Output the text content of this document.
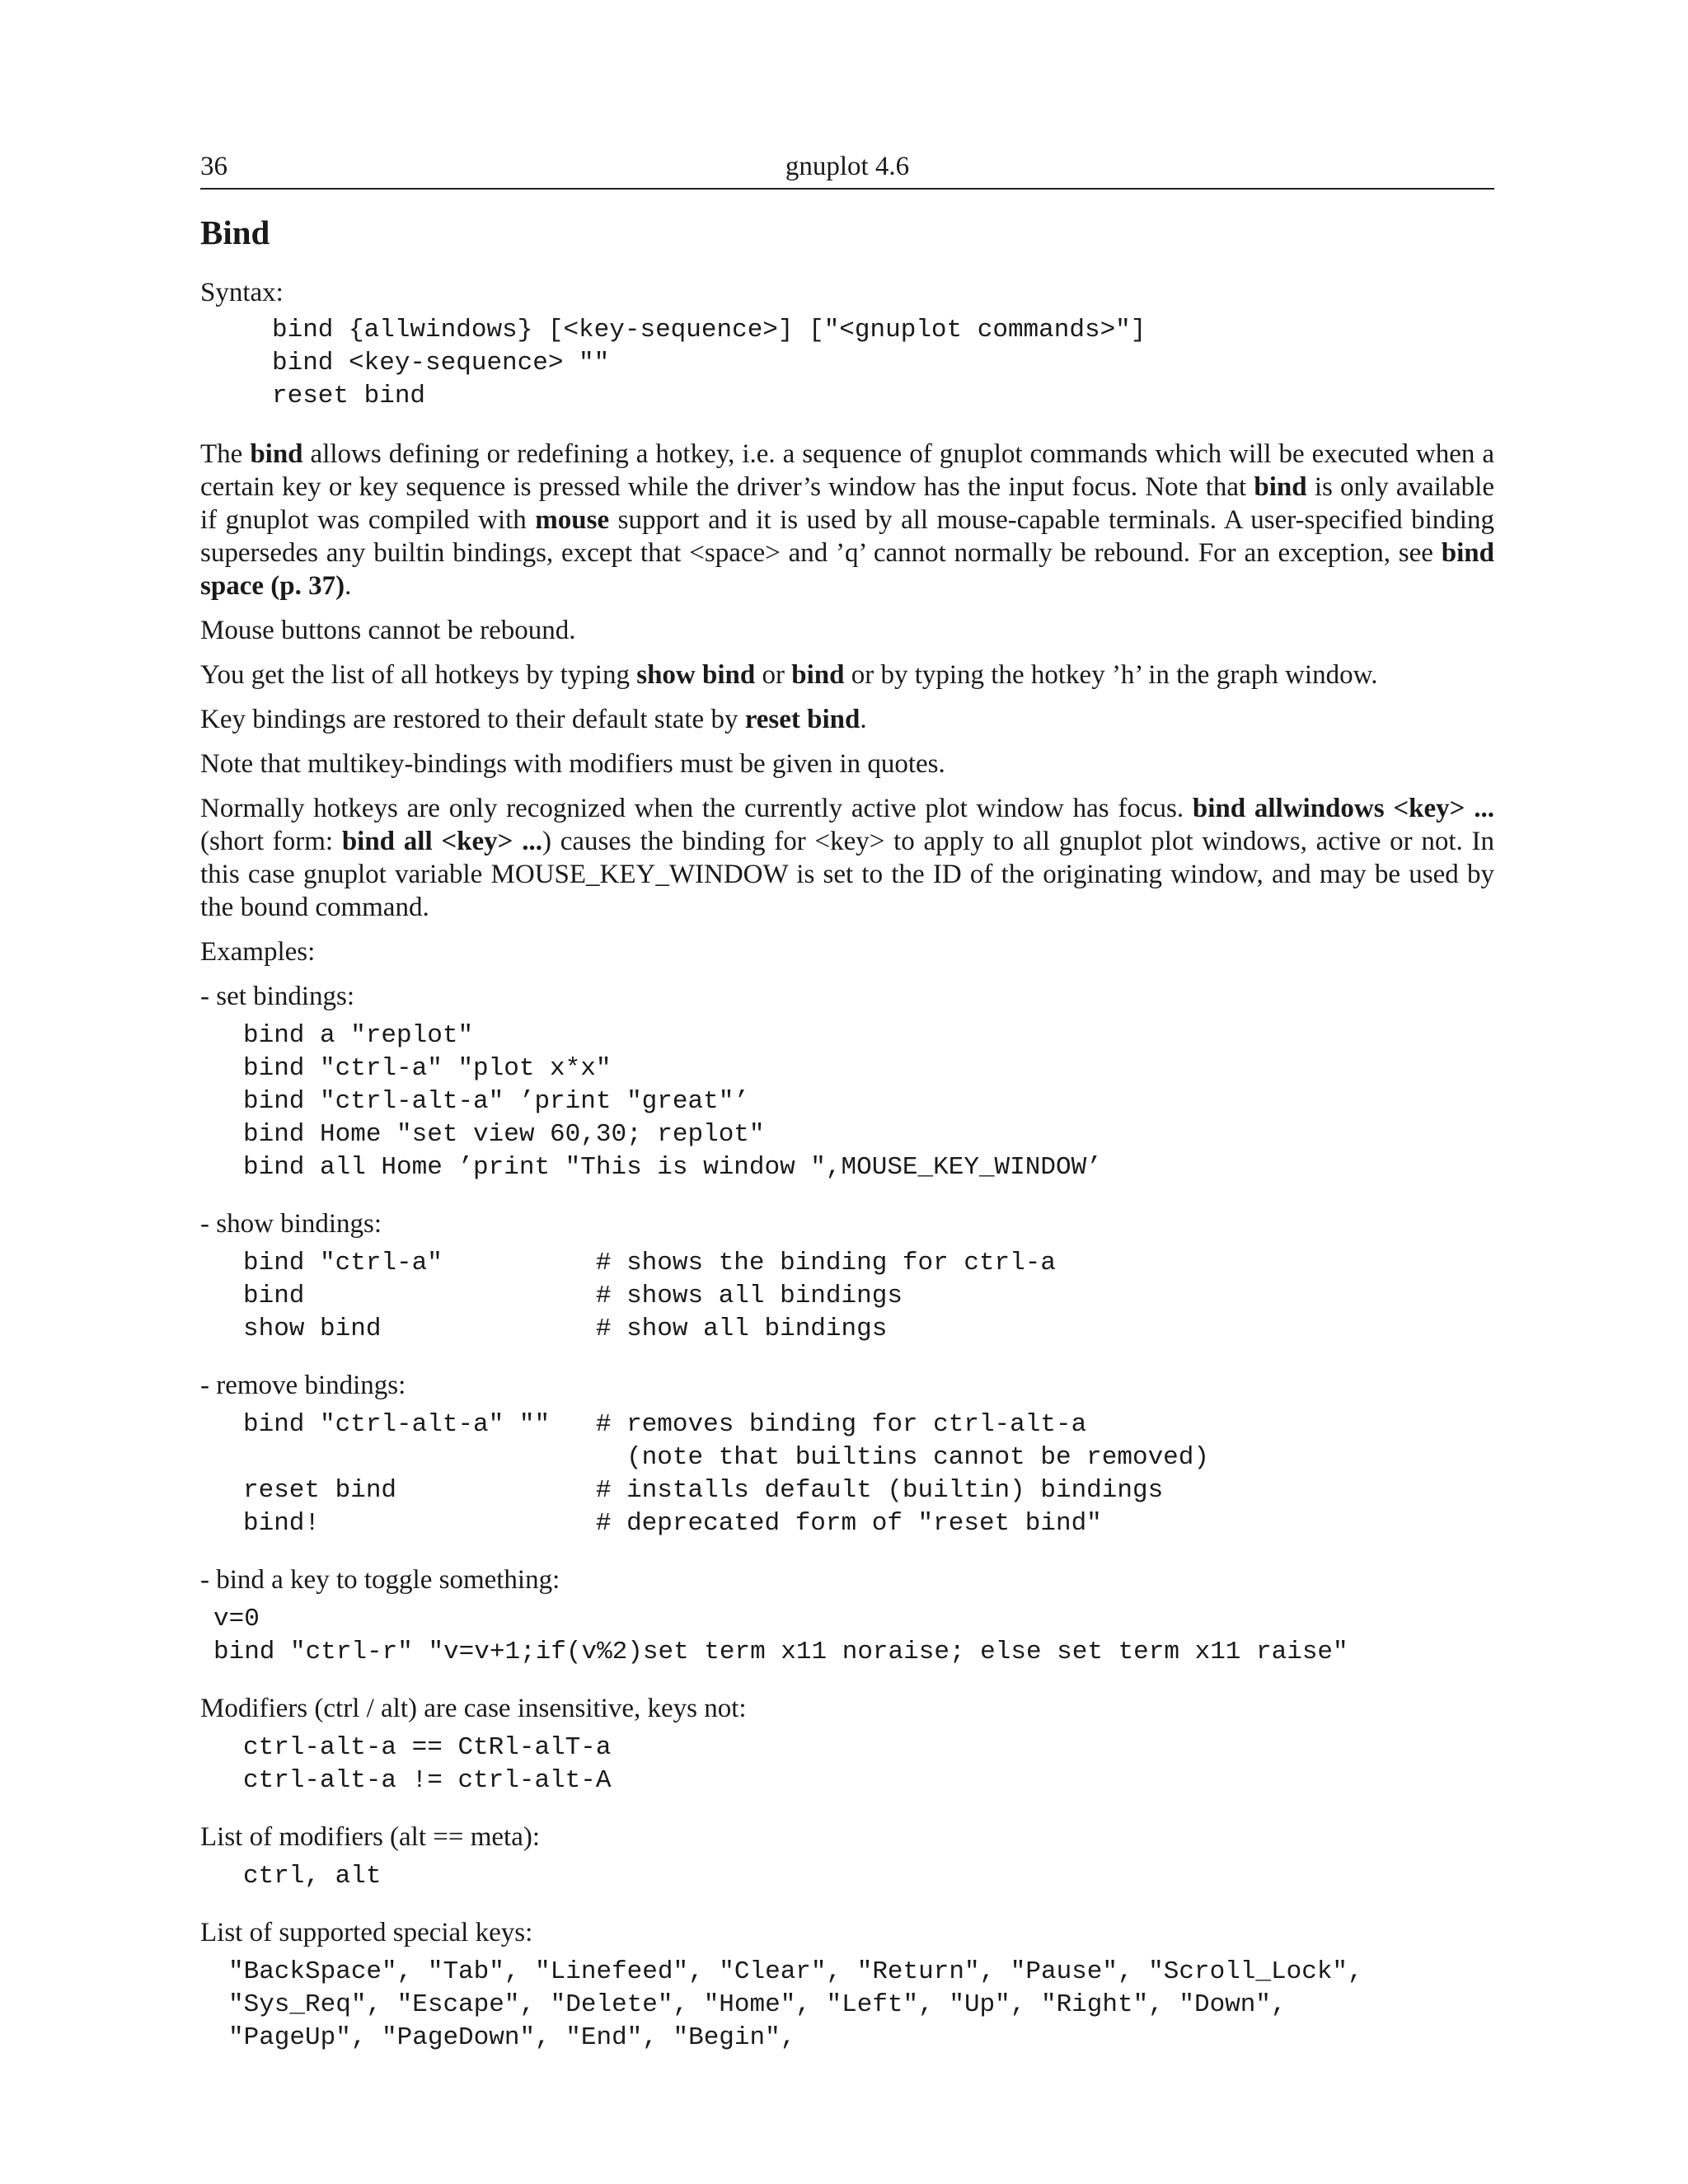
36	gnuplot 4.6
Bind

Syntax:

bind {allwindows} [<key-sequence>] ["<gnuplot commands>"]
bind <key-sequence> ""
reset bind

The bind allows defining or redefining a hotkey, i.e. a sequence of gnuplot commands which will be executed when a certain key or key sequence is pressed while the driver’s window has the input focus. Note that bind is only available if gnuplot was compiled with mouse support and it is used by all mouse-capable terminals. A user-specified binding supersedes any builtin bindings, except that <space> and ’q’ cannot normally be rebound. For an exception, see bind space (p. 37).

Mouse buttons cannot be rebound.

You get the list of all hotkeys by typing show bind or bind or by typing the hotkey ’h’ in the graph window.

Key bindings are restored to their default state by reset bind.

Note that multikey-bindings with modifiers must be given in quotes.

Normally hotkeys are only recognized when the currently active plot window has focus. bind allwindows <key> ... (short form: bind all <key> ...) causes the binding for <key> to apply to all gnuplot plot windows, active or not. In this case gnuplot variable MOUSE_KEY_WINDOW is set to the ID of the originating window, and may be used by the bound command.

Examples:

- set bindings:

bind a "replot"
bind "ctrl-a" "plot x*x"
bind "ctrl-alt-a" ’print "great"’
bind Home "set view 60,30; replot"
bind all Home ’print "This is window ",MOUSE_KEY_WINDOW’

- show bindings:

bind "ctrl-a"          # shows the binding for ctrl-a
bind                   # shows all bindings
show bind              # show all bindings

- remove bindings:

bind "ctrl-alt-a" ""   # removes binding for ctrl-alt-a
(note that builtins cannot be removed)
reset bind             # installs default (builtin) bindings
bind!                  # deprecated form of "reset bind"

- bind a key to toggle something:

v=0
bind "ctrl-r" "v=v+1;if(v%2)set term x11 noraise; else set term x11 raise"

Modifiers (ctrl / alt) are case insensitive, keys not:

ctrl-alt-a == CtRl-alT-a
ctrl-alt-a != ctrl-alt-A

List of modifiers (alt == meta):

ctrl, alt

List of supported special keys:

"BackSpace", "Tab", "Linefeed", "Clear", "Return", "Pause", "Scroll_Lock",
"Sys_Req", "Escape", "Delete", "Home", "Left", "Up", "Right", "Down",
"PageUp", "PageDown", "End", "Begin",
